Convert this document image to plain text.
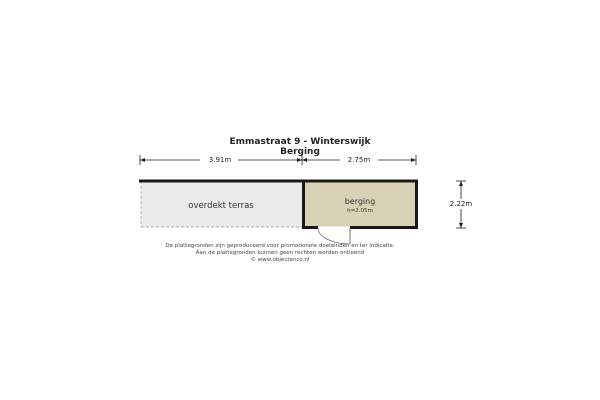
Emmastraat 9 - Winterswijk
Berging
3.91m	2.75m
2.22m
overdekt terras	berging
h=2.05m
De plattegronden zijn geproduceerd voor promotionele doeleinden en ter indicatie.
Aan de plattegronden kunnen geen rechten worden ontleend
© www.objectenco.nl
